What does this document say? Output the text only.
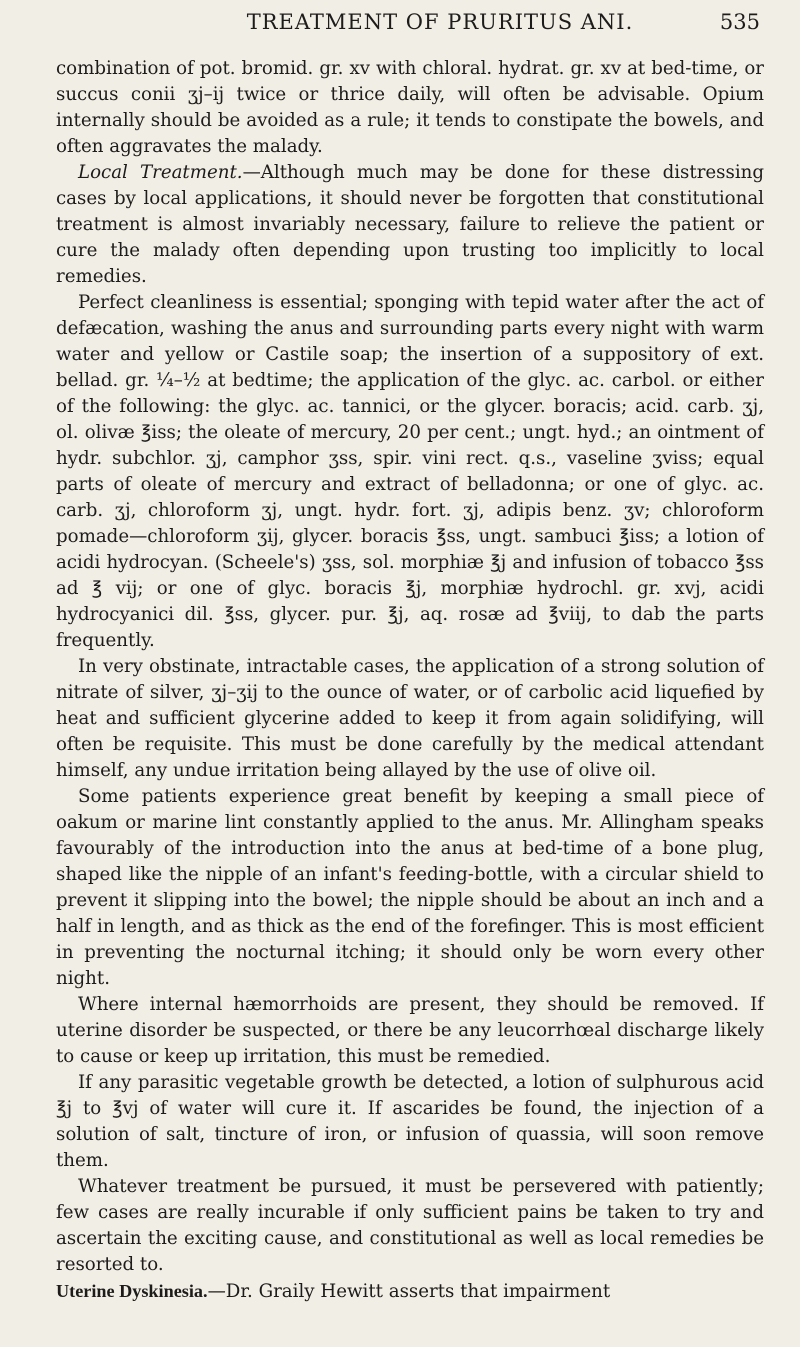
TREATMENT OF PRURITUS ANI.	535

combination of pot. bromid. gr. xv with chloral. hydrat. gr. xv at bed-time, or succus conii ʒj–ij twice or thrice daily, will often be advisable. Opium internally should be avoided as a rule; it tends to constipate the bowels, and often aggravates the malady.

Local Treatment.—Although much may be done for these distressing cases by local applications, it should never be forgotten that constitutional treatment is almost invariably necessary, failure to relieve the patient or cure the malady often depending upon trusting too implicitly to local remedies.

Perfect cleanliness is essential; sponging with tepid water after the act of defæcation, washing the anus and surrounding parts every night with warm water and yellow or Castile soap; the insertion of a suppository of ext. bellad. gr. ¼–½ at bedtime; the application of the glyc. ac. carbol. or either of the following: the glyc. ac. tannici, or the glycer. boracis; acid. carb. ʒj, ol. olivæ ℥iss; the oleate of mercury, 20 per cent.; ungt. hyd.; an ointment of hydr. subchlor. ʒj, camphor ʒss, spir. vini rect. q.s., vaseline ʒviss; equal parts of oleate of mercury and extract of belladonna; or one of glyc. ac. carb. ʒj, chloroform ʒj, ungt. hydr. fort. ʒj, adipis benz. ʒv; chloroform pomade—chloroform ʒij, glycer. boracis ℥ss, ungt. sambuci ℥iss; a lotion of acidi hydrocyan. (Scheele's) ʒss, sol. morphiæ ℥j and infusion of tobacco ℥ss ad ℥ vij; or one of glyc. boracis ℥j, morphiæ hydrochl. gr. xvj, acidi hydrocyanici dil. ℥ss, glycer. pur. ℥j, aq. rosæ ad ℥viij, to dab the parts frequently.

In very obstinate, intractable cases, the application of a strong solution of nitrate of silver, ʒj–ʒij to the ounce of water, or of carbolic acid liquefied by heat and sufficient glycerine added to keep it from again solidifying, will often be requisite. This must be done carefully by the medical attendant himself, any undue irritation being allayed by the use of olive oil.

Some patients experience great benefit by keeping a small piece of oakum or marine lint constantly applied to the anus. Mr. Allingham speaks favourably of the introduction into the anus at bed-time of a bone plug, shaped like the nipple of an infant's feeding-bottle, with a circular shield to prevent it slipping into the bowel; the nipple should be about an inch and a half in length, and as thick as the end of the forefinger. This is most efficient in preventing the nocturnal itching; it should only be worn every other night.

Where internal hæmorrhoids are present, they should be removed. If uterine disorder be suspected, or there be any leucorrhœal discharge likely to cause or keep up irritation, this must be remedied.

If any parasitic vegetable growth be detected, a lotion of sulphurous acid ℥j to ℥vj of water will cure it. If ascarides be found, the injection of a solution of salt, tincture of iron, or infusion of quassia, will soon remove them.

Whatever treatment be pursued, it must be persevered with patiently; few cases are really incurable if only sufficient pains be taken to try and ascertain the exciting cause, and constitutional as well as local remedies be resorted to.

Uterine Dyskinesia.—Dr. Graily Hewitt asserts that impairment
